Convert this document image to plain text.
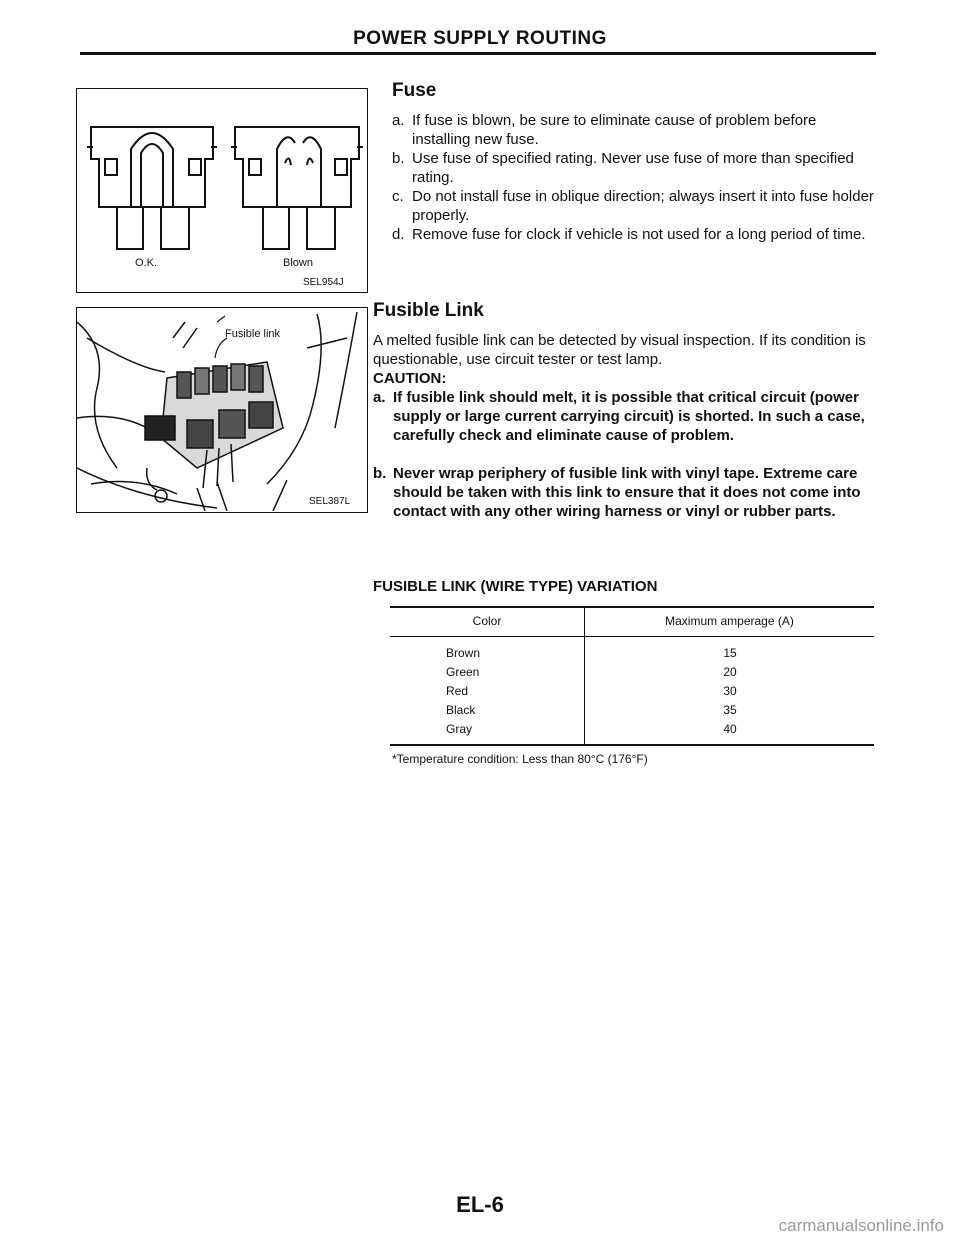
POWER SUPPLY ROUTING
O.K.	Blown
SEL954J
Fusible link
SEL387L
Fuse
a. If fuse is blown, be sure to eliminate cause of problem before installing new fuse.
b. Use fuse of specified rating. Never use fuse of more than specified rating.
c. Do not install fuse in oblique direction; always insert it into fuse holder properly.
d. Remove fuse for clock if vehicle is not used for a long period of time.
Fusible Link
A melted fusible link can be detected by visual inspection. If its condition is questionable, use circuit tester or test lamp.
CAUTION:
a. If fusible link should melt, it is possible that critical circuit (power supply or large current carrying circuit) is shorted. In such a case, carefully check and eliminate cause of problem.
b. Never wrap periphery of fusible link with vinyl tape. Extreme care should be taken with this link to ensure that it does not come into contact with any other wiring harness or vinyl or rubber parts.
FUSIBLE LINK (WIRE TYPE) VARIATION
Color	Maximum amperage (A)
Brown	15
Green	20
Red	30
Black	35
Gray	40
*Temperature condition: Less than 80°C (176°F)
EL-6
carmanualsonline.info
